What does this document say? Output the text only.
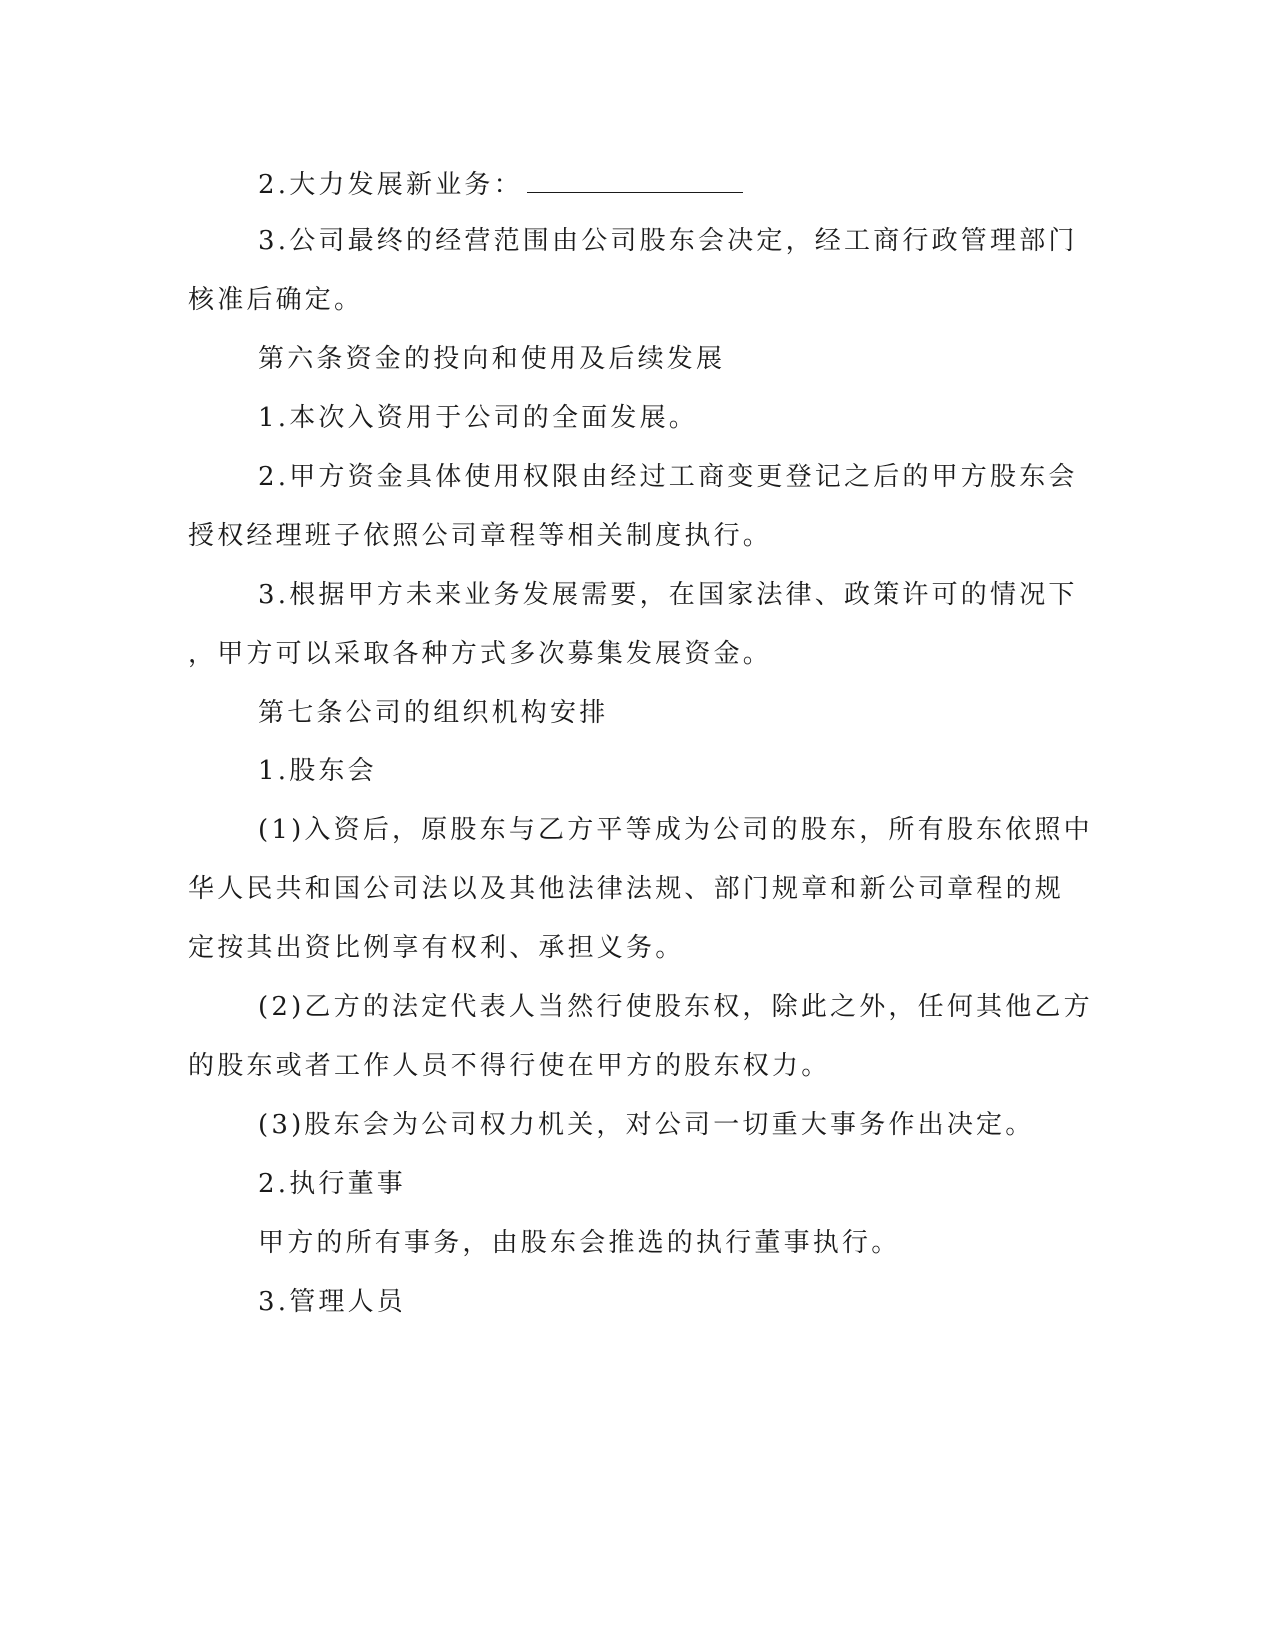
2.大力发展新业务：
3.公司最终的经营范围由公司股东会决定，经工商行政管理部门
核准后确定。
第六条资金的投向和使用及后续发展
1.本次入资用于公司的全面发展。
2.甲方资金具体使用权限由经过工商变更登记之后的甲方股东会
授权经理班子依照公司章程等相关制度执行。
3.根据甲方未来业务发展需要，在国家法律、政策许可的情况下
，甲方可以采取各种方式多次募集发展资金。
第七条公司的组织机构安排
1.股东会
(1)入资后，原股东与乙方平等成为公司的股东，所有股东依照中
华人民共和国公司法以及其他法律法规、部门规章和新公司章程的规
定按其出资比例享有权利、承担义务。
(2)乙方的法定代表人当然行使股东权，除此之外，任何其他乙方
的股东或者工作人员不得行使在甲方的股东权力。
(3)股东会为公司权力机关，对公司一切重大事务作出决定。
2.执行董事
甲方的所有事务，由股东会推选的执行董事执行。
3.管理人员
